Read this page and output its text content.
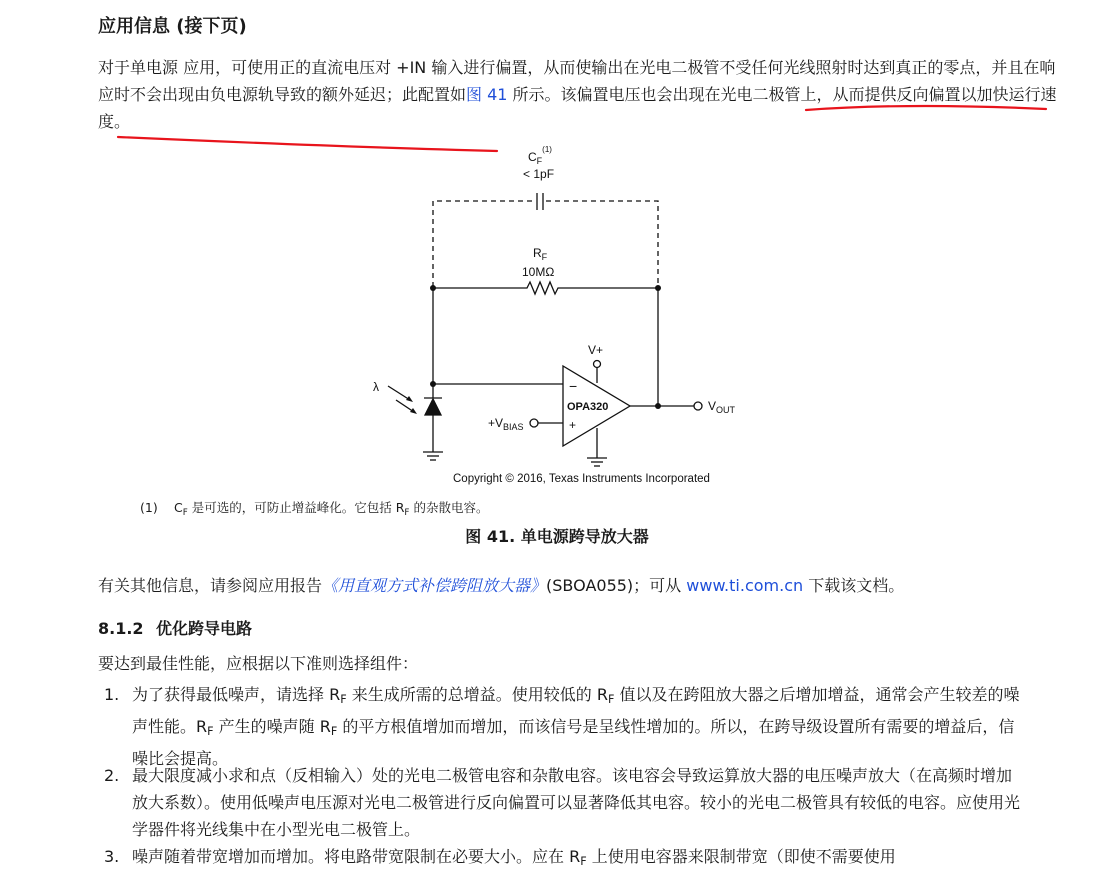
应用信息 (接下页)
对于单电源 应用，可使用正的直流电压对 +IN 输入进行偏置，从而使输出在光电二极管不受任何光线照射时达到真正的零点，并且在响应时不会出现由负电源轨导致的额外延迟；此配置如图 41 所示。该偏置电压也会出现在光电二极管上，从而提供反向偏置以加快运行速度。
$C_F^{(1)}$
< 1pF
$R_F$
10MΩ
V+
−
+
OPA320	$V_{OUT}$
$+V_{BIAS}$
λ
Copyright © 2016, Texas Instruments Incorporated
(1) $C_F$ 是可选的，可防止增益峰化。它包括 $R_F$ 的杂散电容。
图 41. 单电源跨导放大器
有关其他信息，请参阅应用报告《用直观方式补偿跨阻放大器》(SBOA055)；可从 www.ti.com.cn 下载该文档。
8.1.2 优化跨导电路
要达到最佳性能，应根据以下准则选择组件：
1. 为了获得最低噪声，请选择 $R_F$ 来生成所需的总增益。使用较低的 $R_F$ 值以及在跨阻放大器之后增加增益，通常会产生较差的噪声性能。$R_F$ 产生的噪声随 $R_F$ 的平方根值增加而增加，而该信号是呈线性增加的。所以，在跨导级设置所有需要的增益后，信噪比会提高。
2. 最大限度减小求和点（反相输入）处的光电二极管电容和杂散电容。该电容会导致运算放大器的电压噪声放大（在高频时增加放大系数）。使用低噪声电压源对光电二极管进行反向偏置可以显著降低其电容。较小的光电二极管具有较低的电容。应使用光学器件将光线集中在小型光电二极管上。
3. 噪声随着带宽增加而增加。将电路带宽限制在必要大小。应在 $R_F$ 上使用电容器来限制带宽（即使不需要使用
